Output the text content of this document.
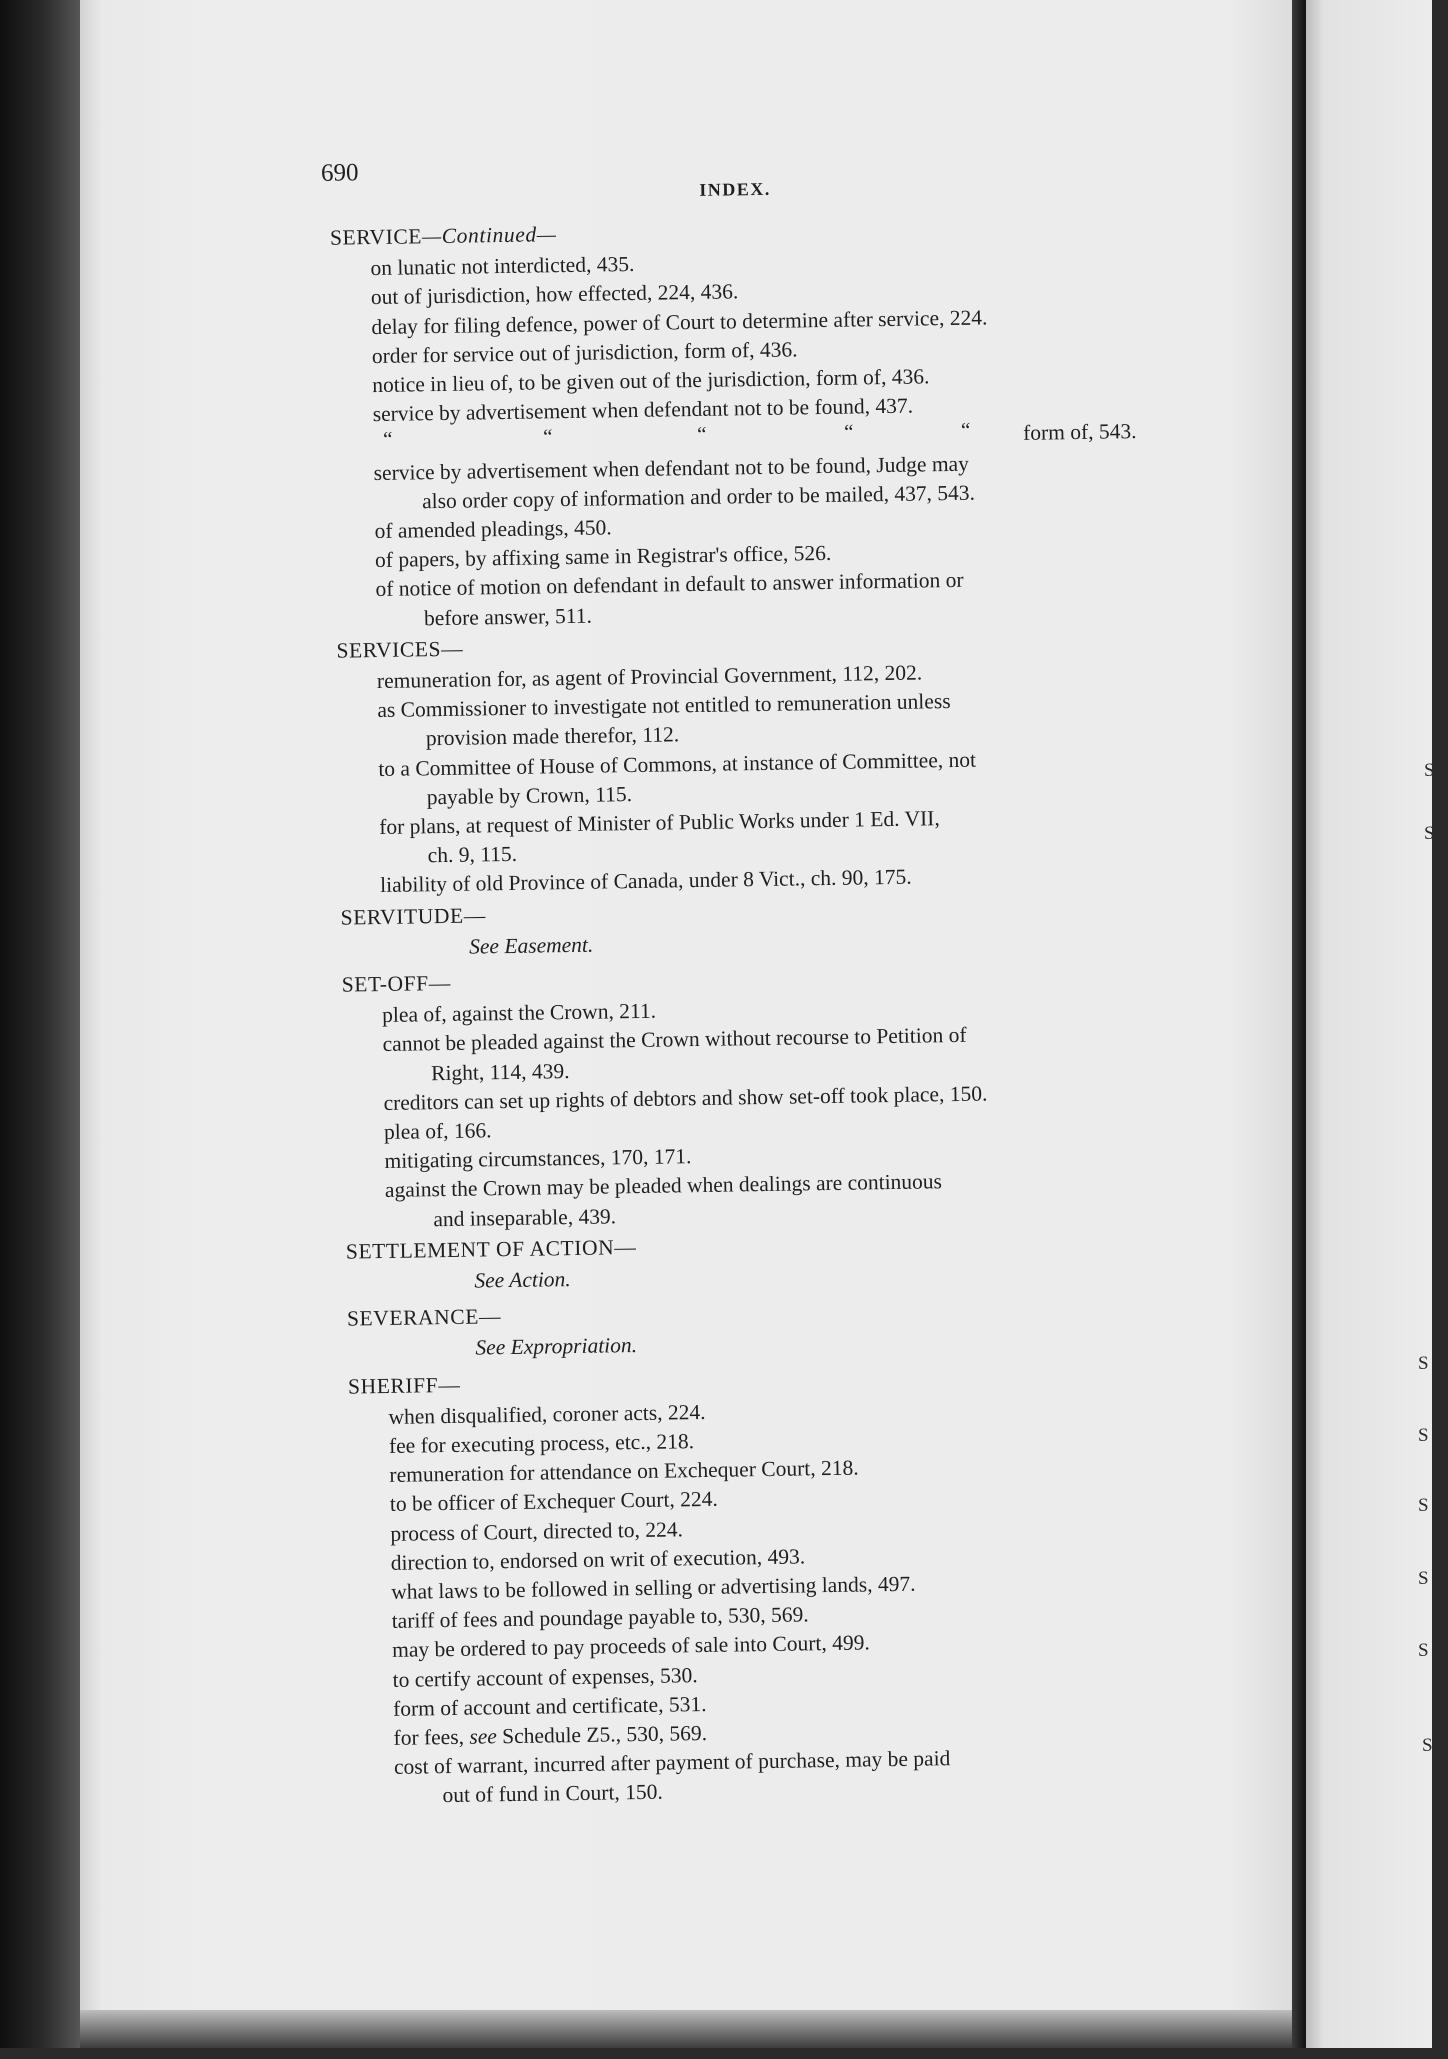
S
S
S
S
S
S
S
ST
690
INDEX.
SERVICE—Continued—
on lunatic not interdicted, 435.
out of jurisdiction, how effected, 224, 436.
delay for filing defence, power of Court to determine after service, 224.
order for service out of jurisdiction, form of, 436.
notice in lieu of, to be given out of the jurisdiction, form of, 436.
service by advertisement when defendant not to be found, 437.
“	“	“	“	“ form of, 543.
service by advertisement when defendant not to be found, Judge may
also order copy of information and order to be mailed, 437, 543.
of amended pleadings, 450.
of papers, by affixing same in Registrar's office, 526.
of notice of motion on defendant in default to answer information or
before answer, 511.
SERVICES—
remuneration for, as agent of Provincial Government, 112, 202.
as Commissioner to investigate not entitled to remuneration unless
provision made therefor, 112.
to a Committee of House of Commons, at instance of Committee, not
payable by Crown, 115.
for plans, at request of Minister of Public Works under 1 Ed. VII,
ch. 9, 115.
liability of old Province of Canada, under 8 Vict., ch. 90, 175.
SERVITUDE—
See Easement.
SET-OFF—
plea of, against the Crown, 211.
cannot be pleaded against the Crown without recourse to Petition of
Right, 114, 439.
creditors can set up rights of debtors and show set-off took place, 150.
plea of, 166.
mitigating circumstances, 170, 171.
against the Crown may be pleaded when dealings are continuous
and inseparable, 439.
SETTLEMENT OF ACTION—
See Action.
SEVERANCE—
See Expropriation.
SHERIFF—
when disqualified, coroner acts, 224.
fee for executing process, etc., 218.
remuneration for attendance on Exchequer Court, 218.
to be officer of Exchequer Court, 224.
process of Court, directed to, 224.
direction to, endorsed on writ of execution, 493.
what laws to be followed in selling or advertising lands, 497.
tariff of fees and poundage payable to, 530, 569.
may be ordered to pay proceeds of sale into Court, 499.
to certify account of expenses, 530.
form of account and certificate, 531.
for fees, see Schedule Z5., 530, 569.
cost of warrant, incurred after payment of purchase, may be paid
out of fund in Court, 150.
